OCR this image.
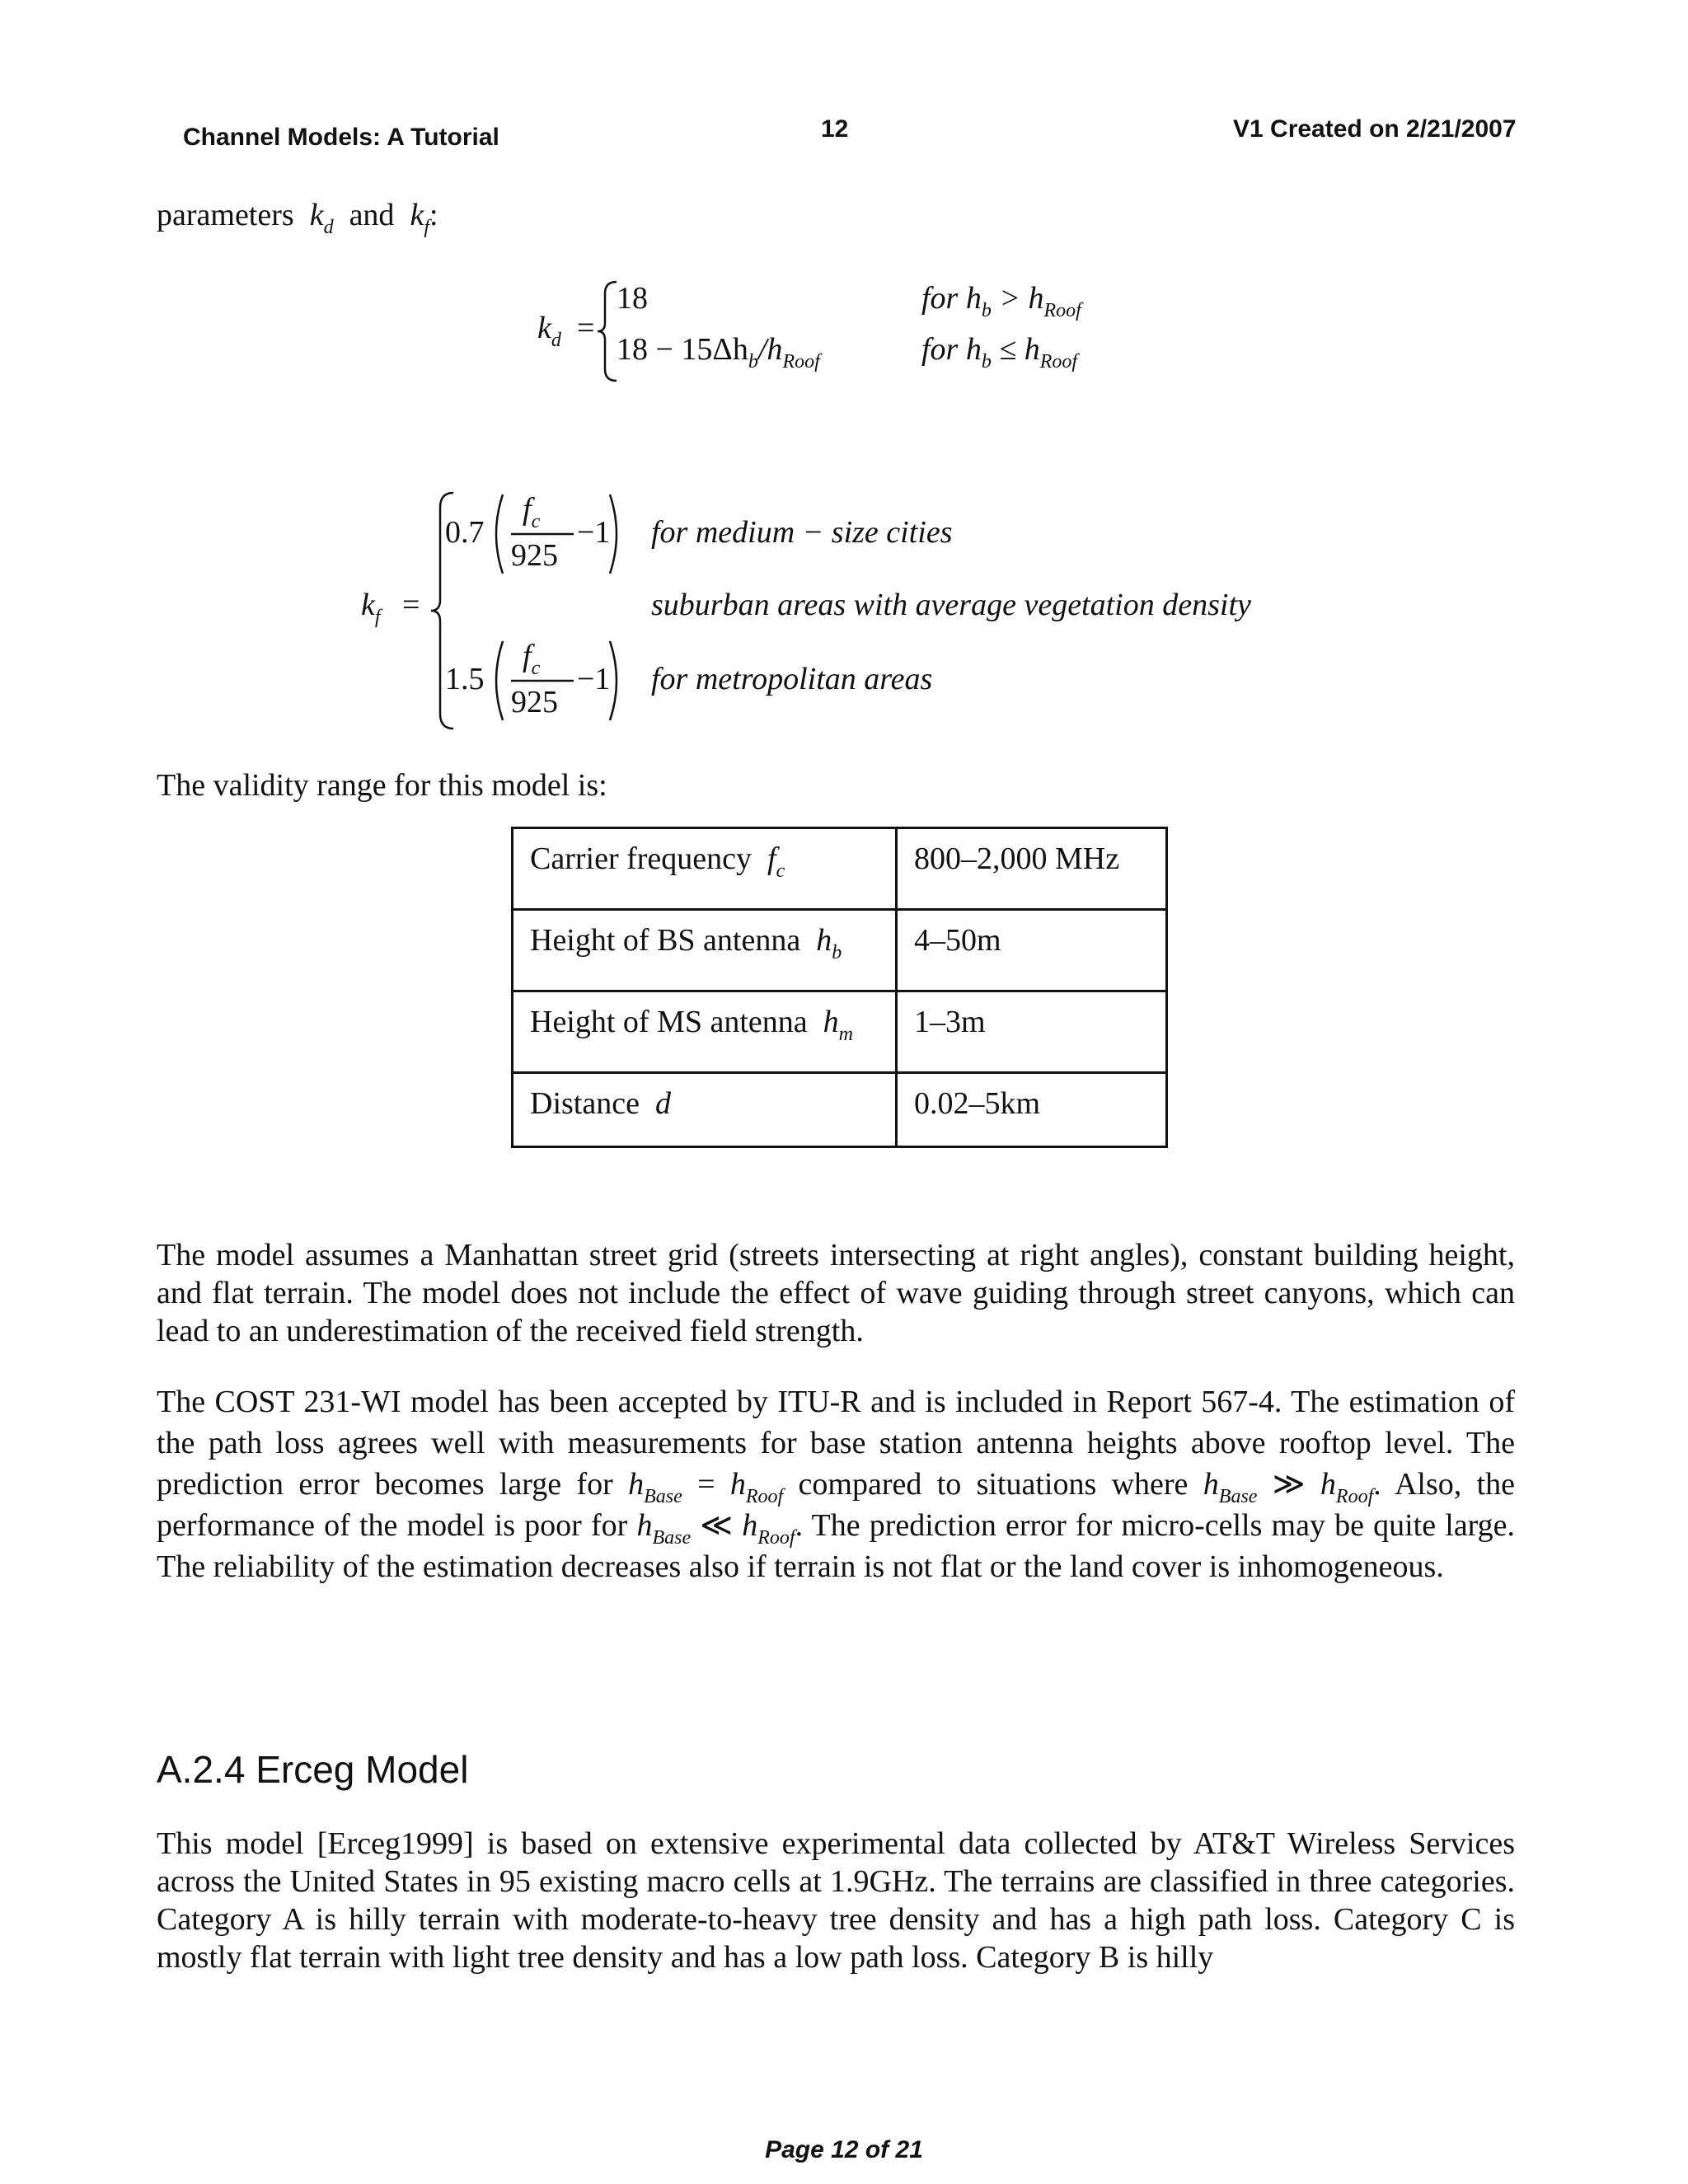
Channel Models: A Tutorial	12	V1 Created on 2/21/2007
parameters $k_d$ and $k_f$:
$k_d$ =
18
$18 - 15\Delta h_b/h_{Roof}$
for $h_b > h_{Roof}$
for $h_b \le h_{Roof}$
$k_f$ =
0.7
$f_c$
925
−1 for medium − size cities
suburban areas with average vegetation density
1.5
$f_c$
925
−1 for metropolitan areas
The validity range for this model is:
Carrier frequency $f_c$	800–2,000 MHz
Height of BS antenna $h_b$	4–50m
Height of MS antenna $h_m$	1–3m
Distance d	0.02–5km
The model assumes a Manhattan street grid (streets intersecting at right angles), constant building height, and flat terrain. The model does not include the effect of wave guiding through street canyons, which can lead to an underestimation of the received field strength.
The COST 231-WI model has been accepted by ITU-R and is included in Report 567-4. The estimation of the path loss agrees well with measurements for base station antenna heights above rooftop level. The prediction error becomes large for $h_{Base} = h_{Roof}$ compared to situations where $h_{Base}$ ≫ $h_{Roof}$. Also, the performance of the model is poor for $h_{Base}$ ≪ $h_{Roof}$. The prediction error for micro-cells may be quite large. The reliability of the estimation decreases also if terrain is not flat or the land cover is inhomogeneous.
A.2.4 Erceg Model
This model [Erceg1999] is based on extensive experimental data collected by AT&T Wireless Services across the United States in 95 existing macro cells at 1.9GHz. The terrains are classified in three categories. Category A is hilly terrain with moderate-to-heavy tree density and has a high path loss. Category C is mostly flat terrain with light tree density and has a low path loss. Category B is hilly
Page 12 of 21
